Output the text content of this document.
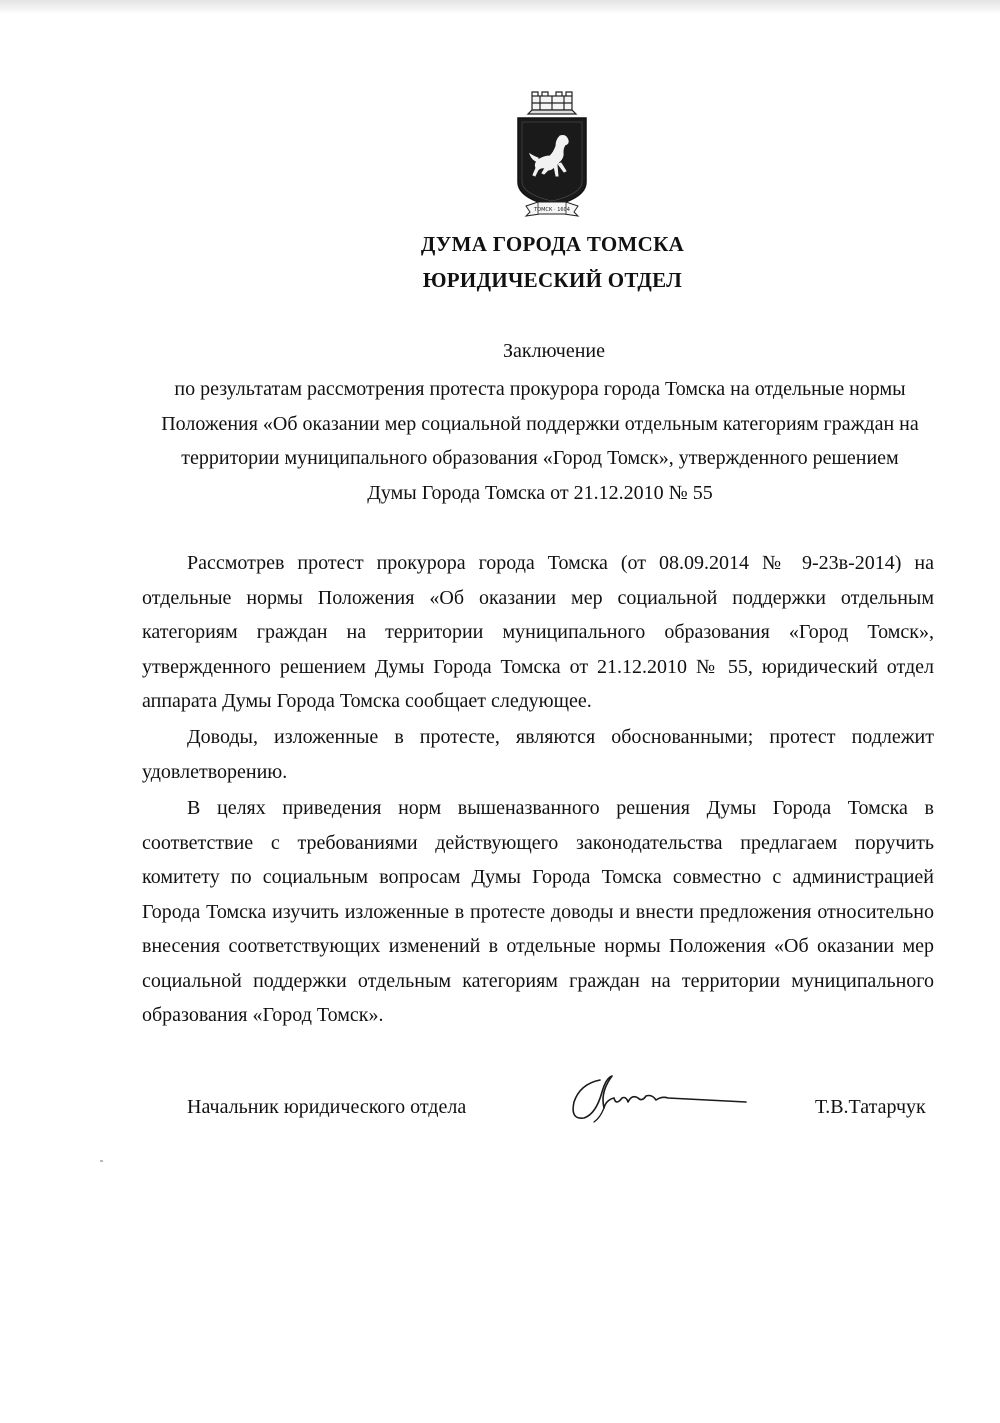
ТОМСК · 1604
ДУМА ГОРОДА ТОМСКА
ЮРИДИЧЕСКИЙ ОТДЕЛ
Заключение
по результатам рассмотрения протеста прокурора города Томска на отдельные нормы
Положения «Об оказании мер социальной поддержки отдельным категориям граждан на
территории муниципального образования «Город Томск», утвержденного решением
Думы Города Томска от 21.12.2010 № 55

Рассмотрев протест прокурора города Томска (от 08.09.2014 № 9-23в-2014) на отдельные нормы Положения «Об оказании мер социальной поддержки отдельным категориям граждан на территории муниципального образования «Город Томск», утвержденного решением Думы Города Томска от 21.12.2010 № 55, юридический отдел аппарата Думы Города Томска сообщает следующее.

Доводы, изложенные в протесте, являются обоснованными; протест подлежит удовлетворению.

В целях приведения норм вышеназванного решения Думы Города Томска в соответствие с требованиями действующего законодательства предлагаем поручить комитету по социальным вопросам Думы Города Томска совместно с администрацией Города Томска изучить изложенные в протесте доводы и внести предложения относительно внесения соответствующих изменений в отдельные нормы Положения «Об оказании мер социальной поддержки отдельным категориям граждан на территории муниципального образования «Город Томск».

Начальник юридического отдела	Т.В.Татарчук
